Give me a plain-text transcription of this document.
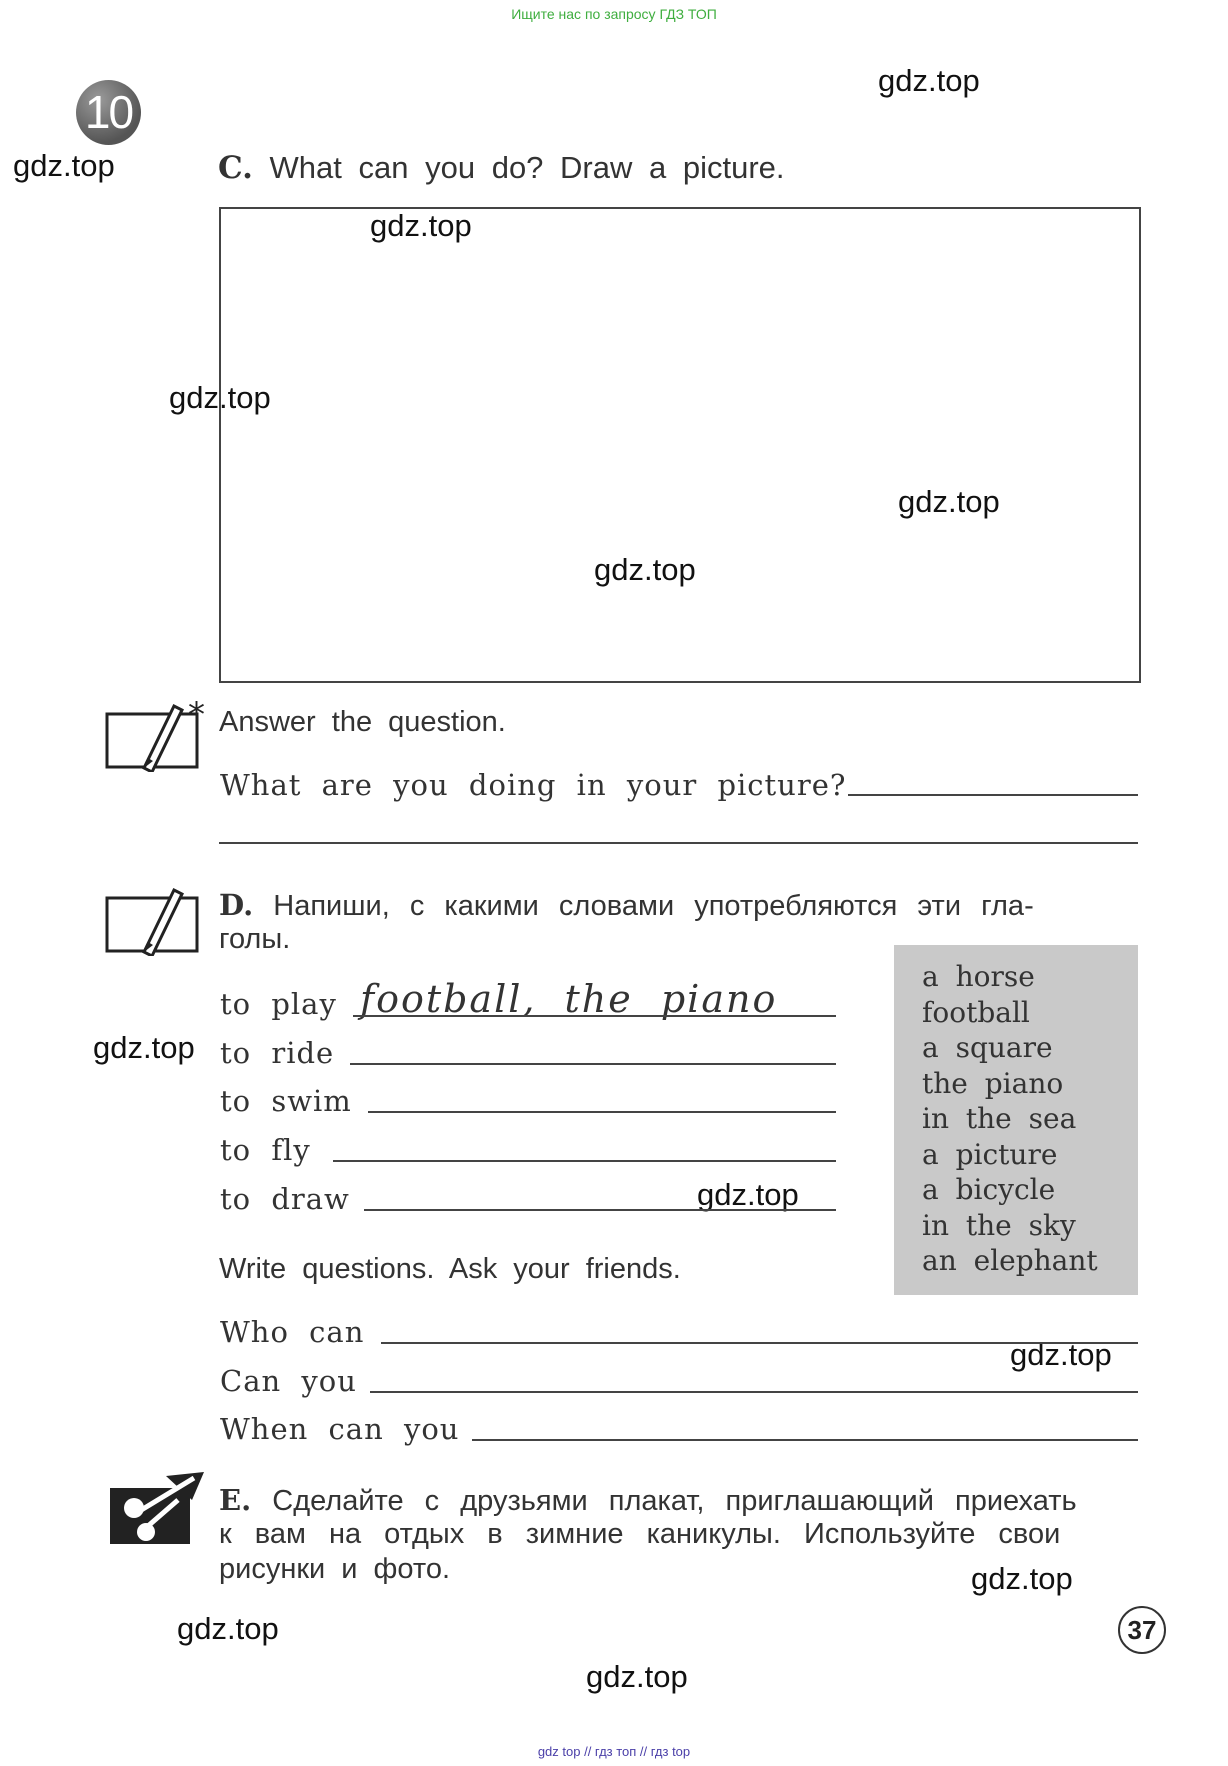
Ищите нас по запросу ГДЗ ТОП
10
gdz.top
gdz.top
gdz.top
gdz.top
gdz.top
gdz.top
gdz.top
gdz.top
gdz.top
gdz.top
gdz.top
gdz.top
C. What can you do? Draw a picture.
* Answer the question.
What are you doing in your picture?
D. Напиши, с какими словами употребляются эти гла-
голы.
to play football, the piano
to ride
to swim
to fly
to draw
a horse
football
a square
the piano
in the sea
a picture
a bicycle
in the sky
an elephant
Write questions. Ask your friends.
Who can
Can you
When can you
E. Сделайте с друзьями плакат, приглашающий приехать
к вам на отдых в зимние каникулы. Используйте свои
рисунки и фото.
37
gdz top // гдз топ // гдз top
